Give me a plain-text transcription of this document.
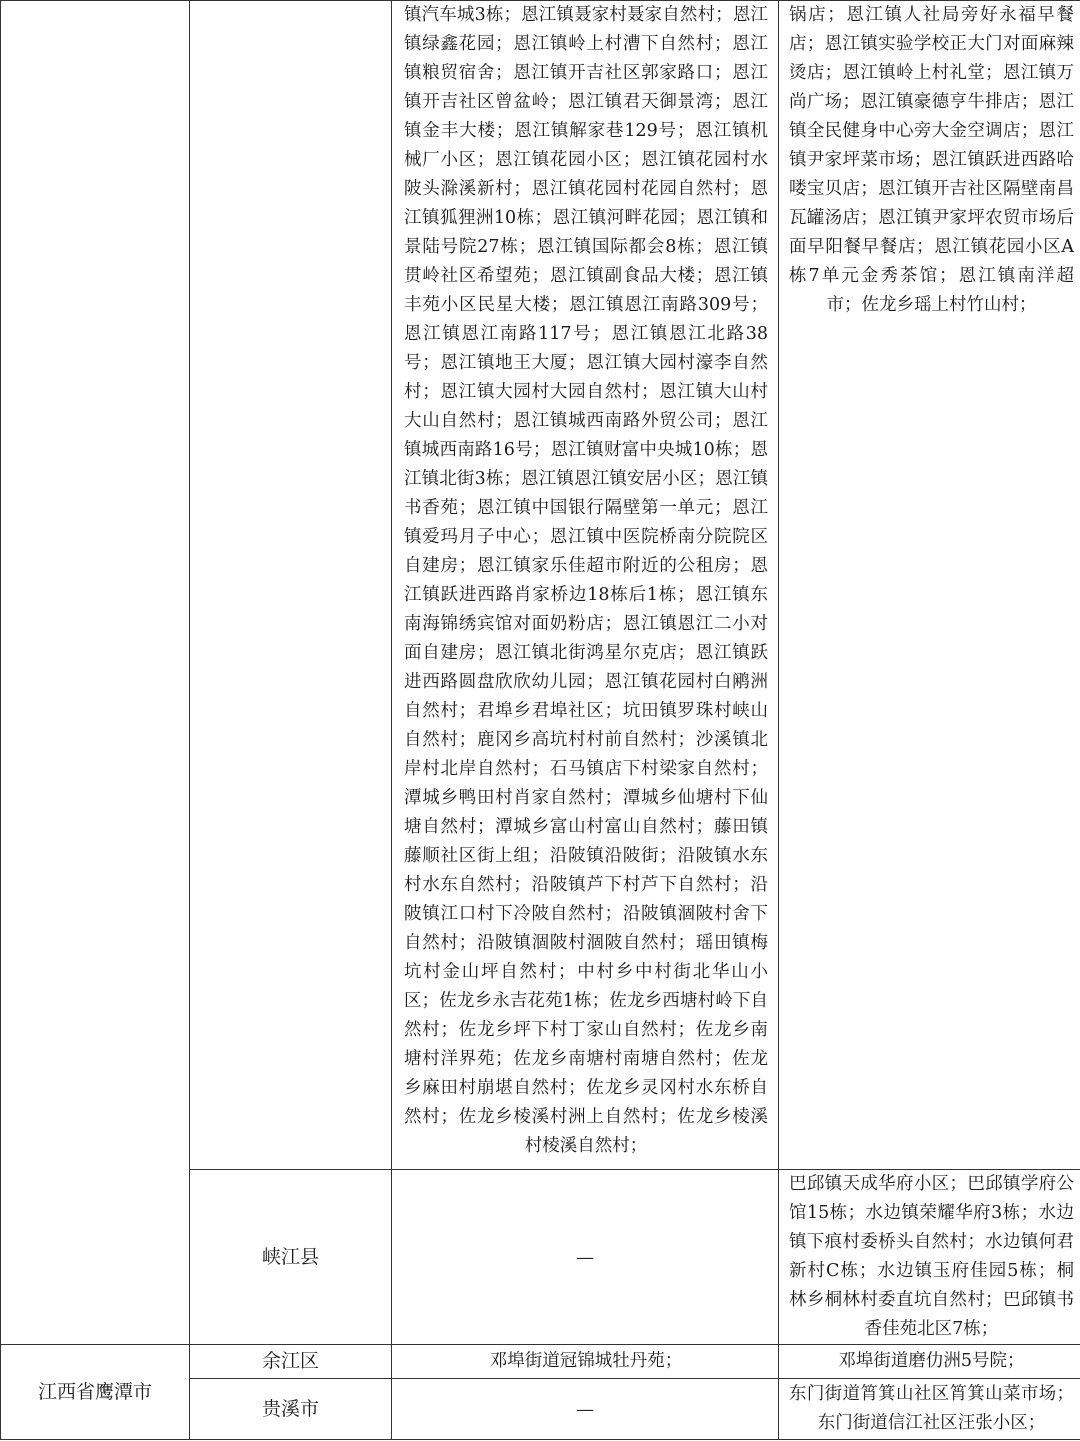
		镇汽车城3栋；恩江镇聂家村聂家自然村；恩江镇绿鑫花园；恩江镇岭上村漕下自然村；恩江镇粮贸宿舍；恩江镇开吉社区郭家路口；恩江镇开吉社区曾盆岭；恩江镇君天御景湾；恩江镇金丰大楼；恩江镇解家巷129号；恩江镇机械厂小区；恩江镇花园小区；恩江镇花园村水陂头滁溪新村；恩江镇花园村花园自然村；恩江镇狐狸洲10栋；恩江镇河畔花园；恩江镇和景陆号院27栋；恩江镇国际都会8栋；恩江镇贯岭社区希望苑；恩江镇副食品大楼；恩江镇丰苑小区民星大楼；恩江镇恩江南路309号；恩江镇恩江南路117号；恩江镇恩江北路38号；恩江镇地王大厦；恩江镇大园村濠李自然村；恩江镇大园村大园自然村；恩江镇大山村大山自然村；恩江镇城西南路外贸公司；恩江镇城西南路16号；恩江镇财富中央城10栋；恩江镇北街3栋；恩江镇恩江镇安居小区；恩江镇书香苑；恩江镇中国银行隔壁第一单元；恩江镇爱玛月子中心；恩江镇中医院桥南分院院区自建房；恩江镇家乐佳超市附近的公租房；恩江镇跃进西路肖家桥边18栋后1栋；恩江镇东南海锦绣宾馆对面奶粉店；恩江镇恩江二小对面自建房；恩江镇北街鸿星尔克店；恩江镇跃进西路圆盘欣欣幼儿园；恩江镇花园村白鹇洲自然村；君埠乡君埠社区；坑田镇罗珠村峡山自然村；鹿冈乡高坑村村前自然村；沙溪镇北岸村北岸自然村；石马镇店下村梁家自然村；潭城乡鸭田村肖家自然村；潭城乡仙塘村下仙塘自然村；潭城乡富山村富山自然村；藤田镇藤顺社区街上组；沿陂镇沿陂街；沿陂镇水东村水东自然村；沿陂镇芦下村芦下自然村；沿陂镇江口村下冷陂自然村；沿陂镇涸陂村舍下自然村；沿陂镇涸陂村涸陂自然村；瑶田镇梅坑村金山坪自然村；中村乡中村街北华山小区；佐龙乡永吉花苑1栋；佐龙乡西塘村岭下自然村；佐龙乡坪下村丁家山自然村；佐龙乡南塘村洋界苑；佐龙乡南塘村南塘自然村；佐龙乡麻田村崩堪自然村；佐龙乡灵冈村水东桥自然村；佐龙乡棱溪村洲上自然村；佐龙乡棱溪村棱溪自然村；	锅店；恩江镇人社局旁好永福早餐店；恩江镇实验学校正大门对面麻辣烫店；恩江镇岭上村礼堂；恩江镇万尚广场；恩江镇豪德亨牛排店；恩江镇全民健身中心旁大金空调店；恩江镇尹家坪菜市场；恩江镇跃进西路哈喽宝贝店；恩江镇开吉社区隔壁南昌瓦罐汤店；恩江镇尹家坪农贸市场后面早阳餐早餐店；恩江镇花园小区A栋7单元金秀茶馆；恩江镇南洋超市；佐龙乡瑶上村竹山村；

	峡江县	—	巴邱镇天成华府小区；巴邱镇学府公馆15栋；水边镇荣耀华府3栋；水边镇下痕村委桥头自然村；水边镇何君新村C栋；水边镇玉府佳园5栋；桐林乡桐林村委直坑自然村；巴邱镇书香佳苑北区7栋；

江西省鹰潭市	余江区	邓埠街道冠锦城牡丹苑；	邓埠街道磨仂洲5号院；

	贵溪市	—	东门街道筲箕山社区筲箕山菜市场；东门街道信江社区汪张小区；
